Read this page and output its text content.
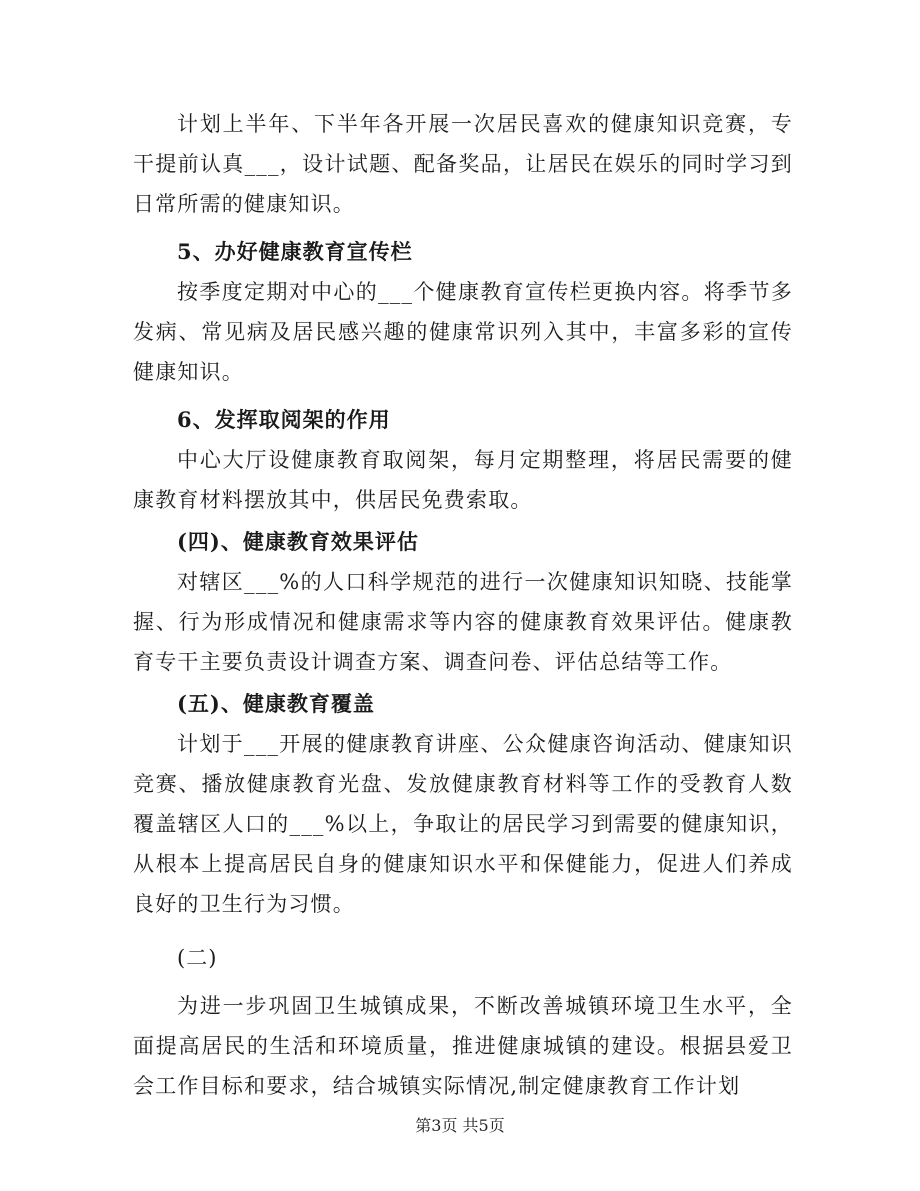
计划上半年、下半年各开展一次居民喜欢的健康知识竞赛，专干提前认真___，设计试题、配备奖品，让居民在娱乐的同时学习到日常所需的健康知识。

5、办好健康教育宣传栏

按季度定期对中心的___个健康教育宣传栏更换内容。将季节多发病、常见病及居民感兴趣的健康常识列入其中，丰富多彩的宣传健康知识。

6、发挥取阅架的作用

中心大厅设健康教育取阅架，每月定期整理，将居民需要的健康教育材料摆放其中，供居民免费索取。

(四)、健康教育效果评估

对辖区___%的人口科学规范的进行一次健康知识知晓、技能掌握、行为形成情况和健康需求等内容的健康教育效果评估。健康教育专干主要负责设计调查方案、调查问卷、评估总结等工作。

(五)、健康教育覆盖

计划于___开展的健康教育讲座、公众健康咨询活动、健康知识竞赛、播放健康教育光盘、发放健康教育材料等工作的受教育人数覆盖辖区人口的___%以上，争取让的居民学习到需要的健康知识，从根本上提高居民自身的健康知识水平和保健能力，促进人们养成良好的卫生行为习惯。

(二)

为进一步巩固卫生城镇成果，不断改善城镇环境卫生水平，全面提高居民的生活和环境质量，推进健康城镇的建设。根据县爱卫会工作目标和要求，结合城镇实际情况,制定健康教育工作计划

第3页 共5页
